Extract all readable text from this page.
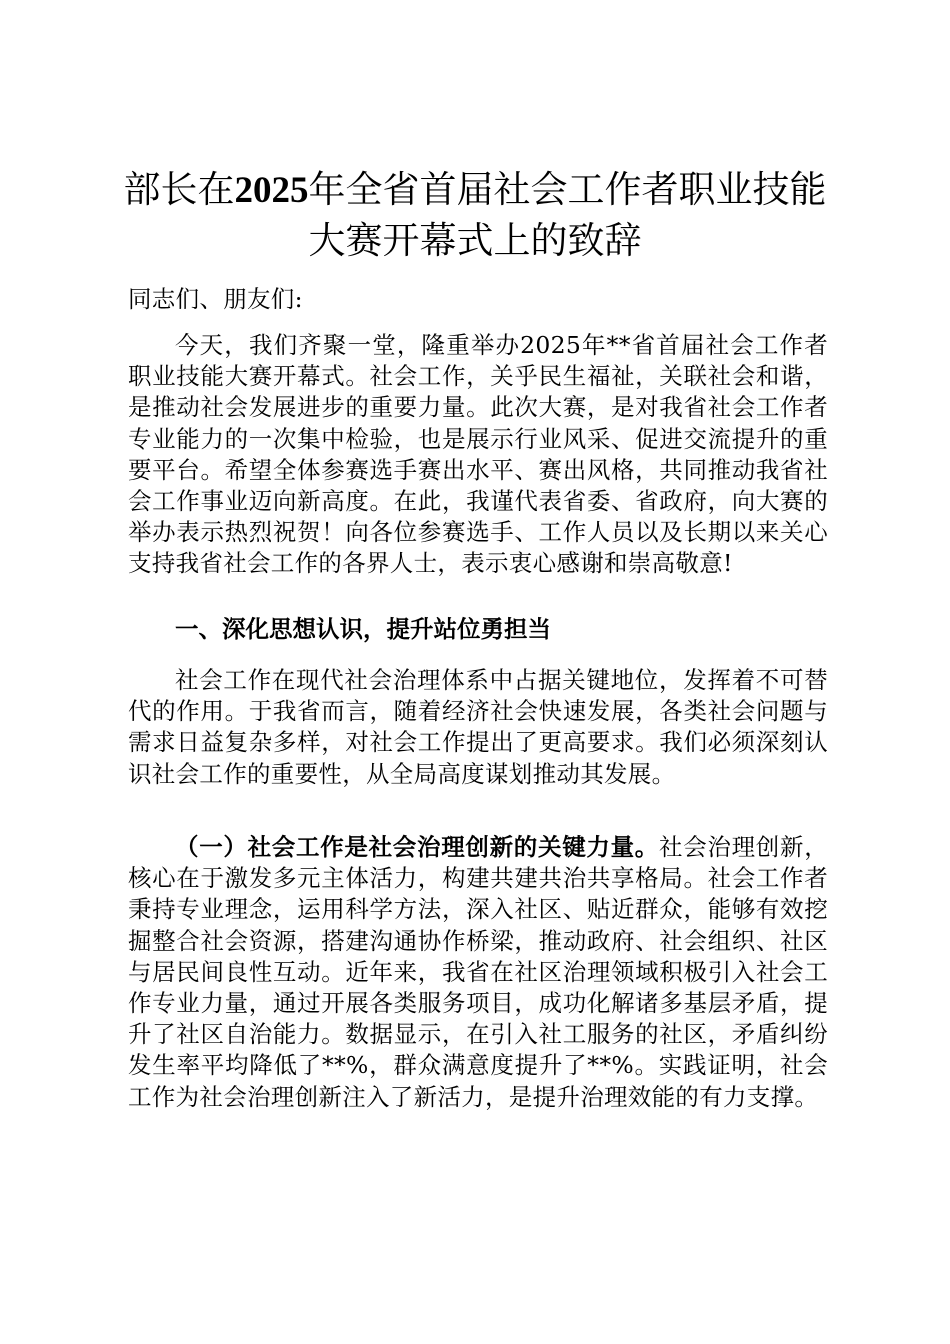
部长在2025年全省首届社会工作者职业技能
大赛开幕式上的致辞

同志们、朋友们:

今天，我们齐聚一堂，隆重举办2025年**省首届社会工作者职业技能大赛开幕式。社会工作，关乎民生福祉，关联社会和谐，是推动社会发展进步的重要力量。此次大赛，是对我省社会工作者专业能力的一次集中检验，也是展示行业风采、促进交流提升的重要平台。希望全体参赛选手赛出水平、赛出风格，共同推动我省社会工作事业迈向新高度。在此，我谨代表省委、省政府，向大赛的举办表示热烈祝贺！向各位参赛选手、工作人员以及长期以来关心支持我省社会工作的各界人士，表示衷心感谢和崇高敬意!

一、深化思想认识，提升站位勇担当

社会工作在现代社会治理体系中占据关键地位，发挥着不可替代的作用。于我省而言，随着经济社会快速发展，各类社会问题与需求日益复杂多样，对社会工作提出了更高要求。我们必须深刻认识社会工作的重要性，从全局高度谋划推动其发展。

（一）社会工作是社会治理创新的关键力量。社会治理创新，核心在于激发多元主体活力，构建共建共治共享格局。社会工作者秉持专业理念，运用科学方法，深入社区、贴近群众，能够有效挖掘整合社会资源，搭建沟通协作桥梁，推动政府、社会组织、社区与居民间良性互动。近年来，我省在社区治理领域积极引入社会工作专业力量，通过开展各类服务项目，成功化解诸多基层矛盾，提升了社区自治能力。数据显示，在引入社工服务的社区，矛盾纠纷发生率平均降低了**%，群众满意度提升了**%。实践证明，社会工作为社会治理创新注入了新活力，是提升治理效能的有力支撑。
